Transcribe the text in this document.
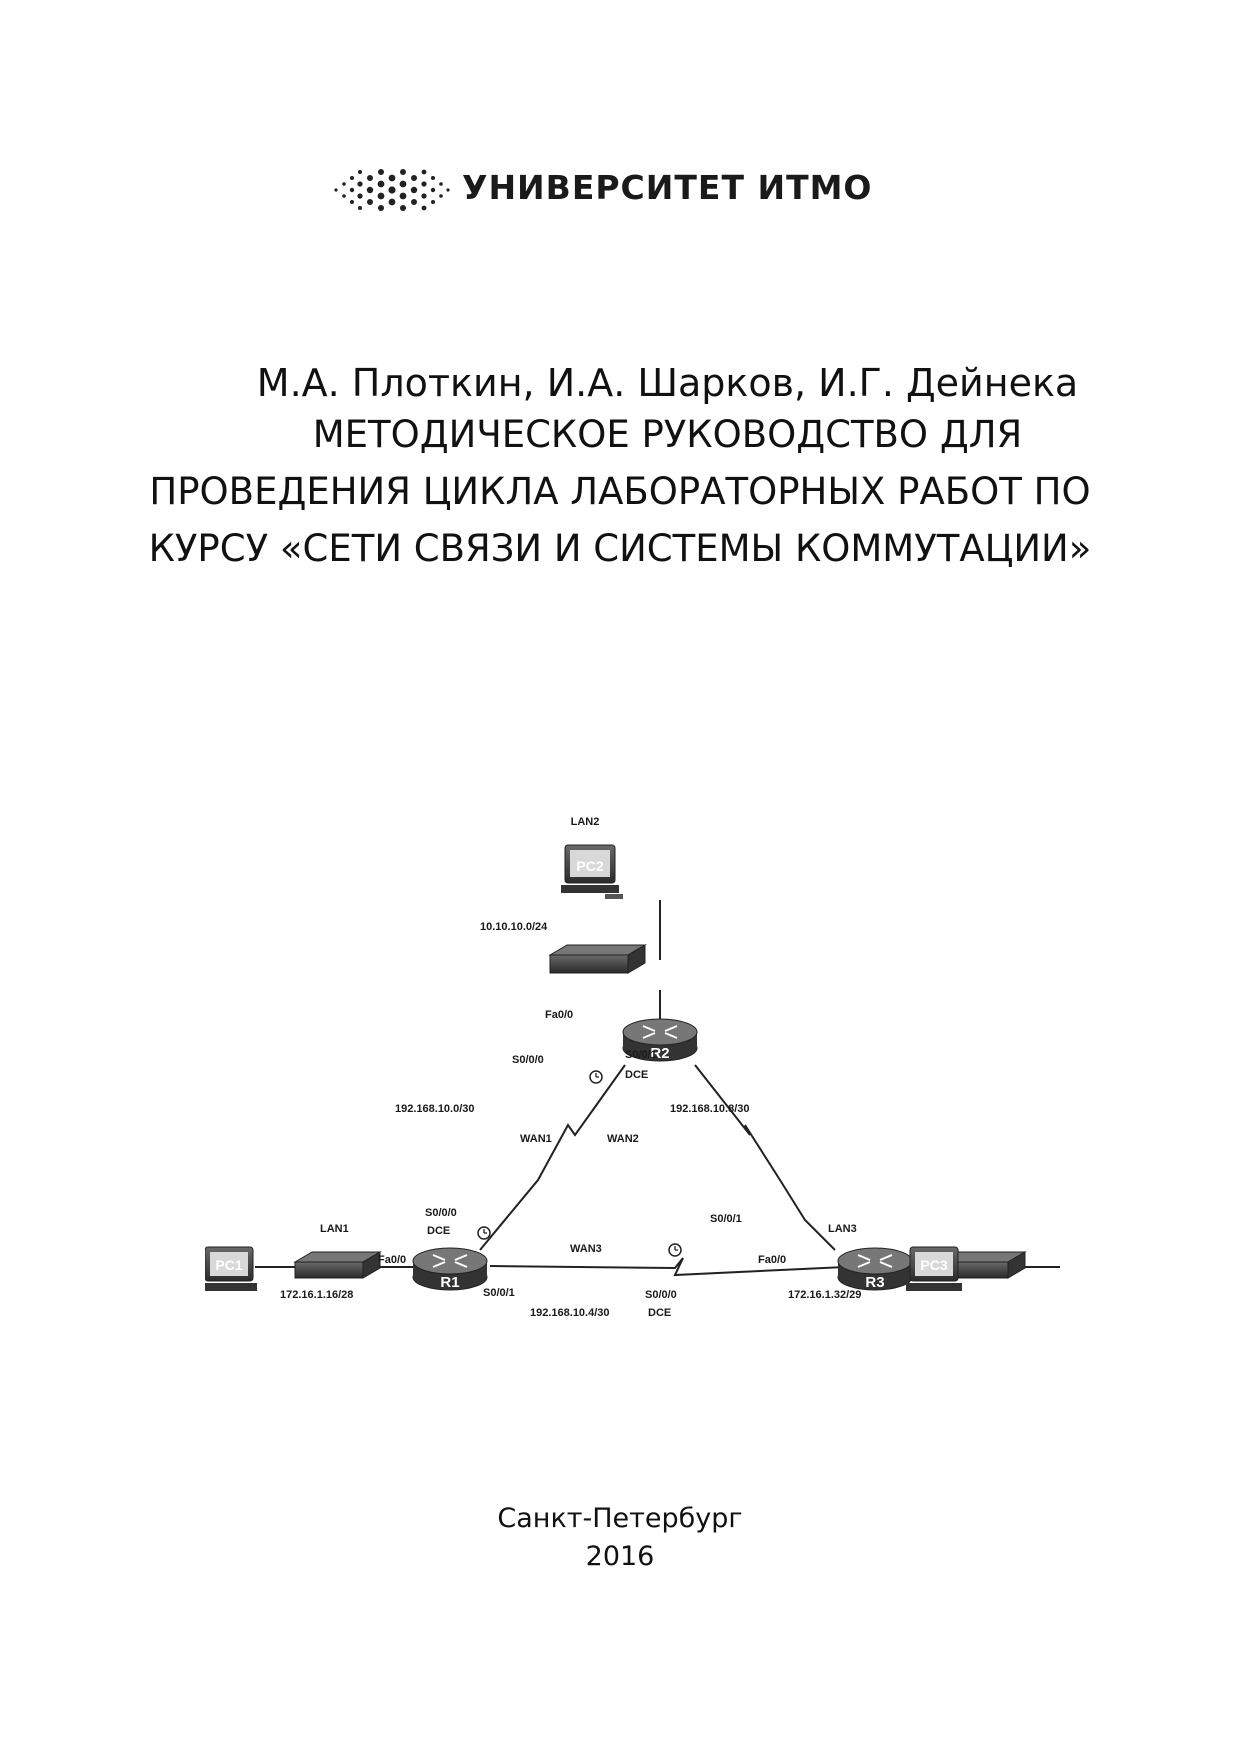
УНИВЕРСИТЕТ ИТМО
М.А. Плоткин, И.А. Шарков, И.Г. Дейнека
МЕТОДИЧЕСКОЕ РУКОВОДСТВО ДЛЯ
ПРОВЕДЕНИЯ ЦИКЛА ЛАБОРАТОРНЫХ РАБОТ ПО
КУРСУ «СЕТИ СВЯЗИ И СИСТЕМЫ КОММУТАЦИИ»
PC2
LAN2
10.10.10.0/24
R2
Fa0/0
S0/0/0	S0/0/1
DCE
192.168.10.0/30
WAN1	WAN2
192.168.10.8/30
PC1
LAN1
172.16.1.16/28
R1
Fa0/0
S0/0/0
DCE
S0/0/1
WAN3
192.168.10.4/30
R3
S0/0/1
Fa0/0
S0/0/0
DCE
LAN3
172.16.1.32/29
PC3
Санкт-Петербург
2016
